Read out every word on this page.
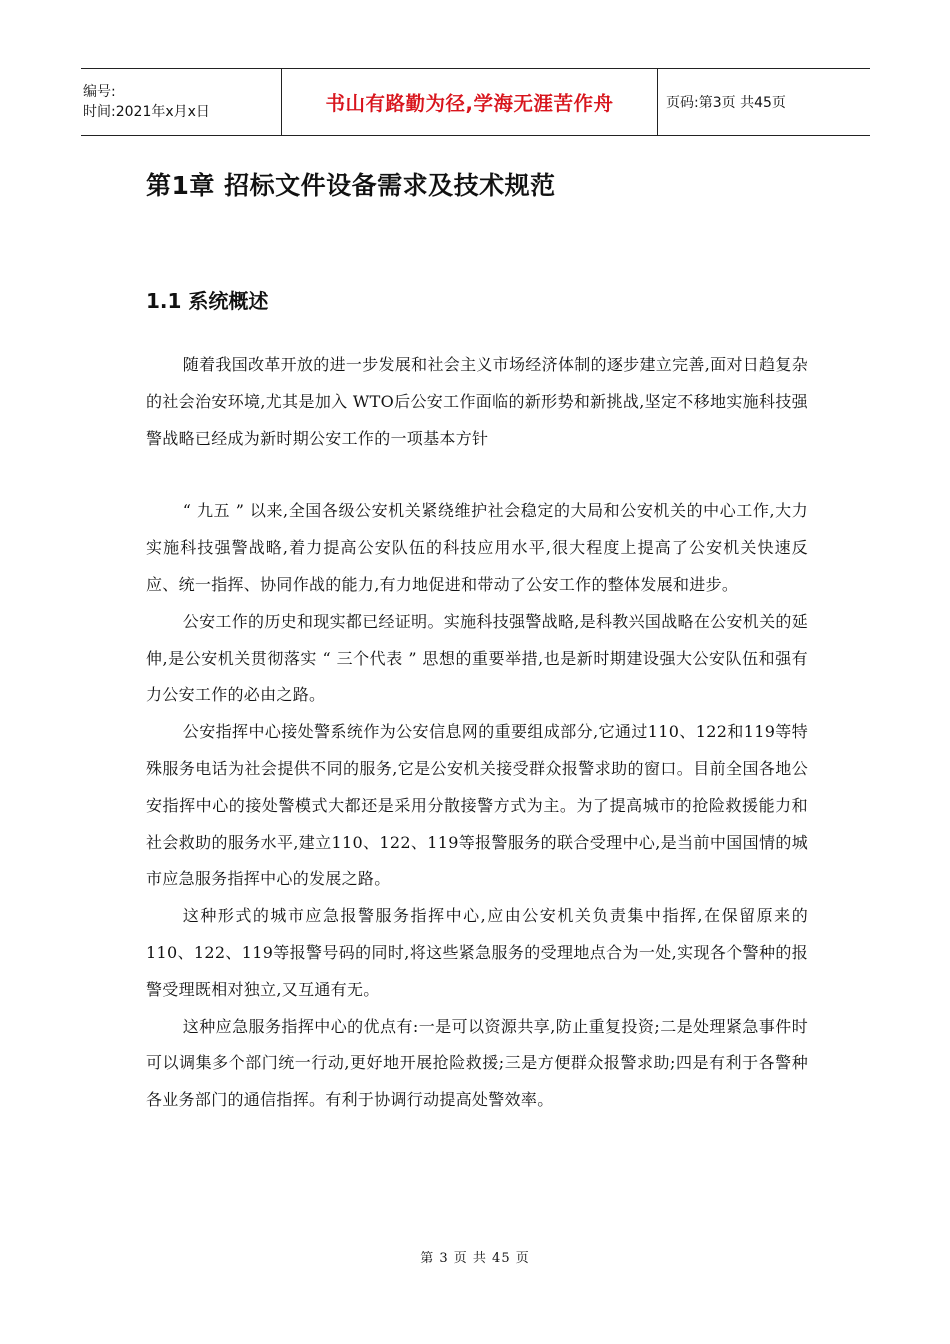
编号:
时间:2021年x月x日	书山有路勤为径,学海无涯苦作舟	页码:第3页 共45页
第1章 招标文件设备需求及技术规范
1.1 系统概述

随着我国改革开放的进一步发展和社会主义市场经济体制的逐步建立完善,面对日趋复杂的社会治安环境,尤其是加入 WTO后公安工作面临的新形势和新挑战,坚定不移地实施科技强警战略已经成为新时期公安工作的一项基本方针

“ 九五 ” 以来,全国各级公安机关紧绕维护社会稳定的大局和公安机关的中心工作,大力实施科技强警战略,着力提高公安队伍的科技应用水平,很大程度上提高了公安机关快速反应、统一指挥、协同作战的能力,有力地促进和带动了公安工作的整体发展和进步。

公安工作的历史和现实都已经证明。实施科技强警战略,是科教兴国战略在公安机关的延伸,是公安机关贯彻落实 “ 三个代表 ” 思想的重要举措,也是新时期建设强大公安队伍和强有力公安工作的必由之路。

公安指挥中心接处警系统作为公安信息网的重要组成部分,它通过110、122和119等特殊服务电话为社会提供不同的服务,它是公安机关接受群众报警求助的窗口。目前全国各地公安指挥中心的接处警模式大都还是采用分散接警方式为主。为了提高城市的抢险救援能力和社会救助的服务水平,建立110、122、119等报警服务的联合受理中心,是当前中国国情的城市应急服务指挥中心的发展之路。

这种形式的城市应急报警服务指挥中心,应由公安机关负责集中指挥,在保留原来的 110、122、119等报警号码的同时,将这些紧急服务的受理地点合为一处,实现各个警种的报警受理既相对独立,又互通有无。

这种应急服务指挥中心的优点有:一是可以资源共享,防止重复投资;二是处理紧急事件时可以调集多个部门统一行动,更好地开展抢险救援;三是方便群众报警求助;四是有利于各警种各业务部门的通信指挥。有利于协调行动提高处警效率。

第 3 页 共 45 页
